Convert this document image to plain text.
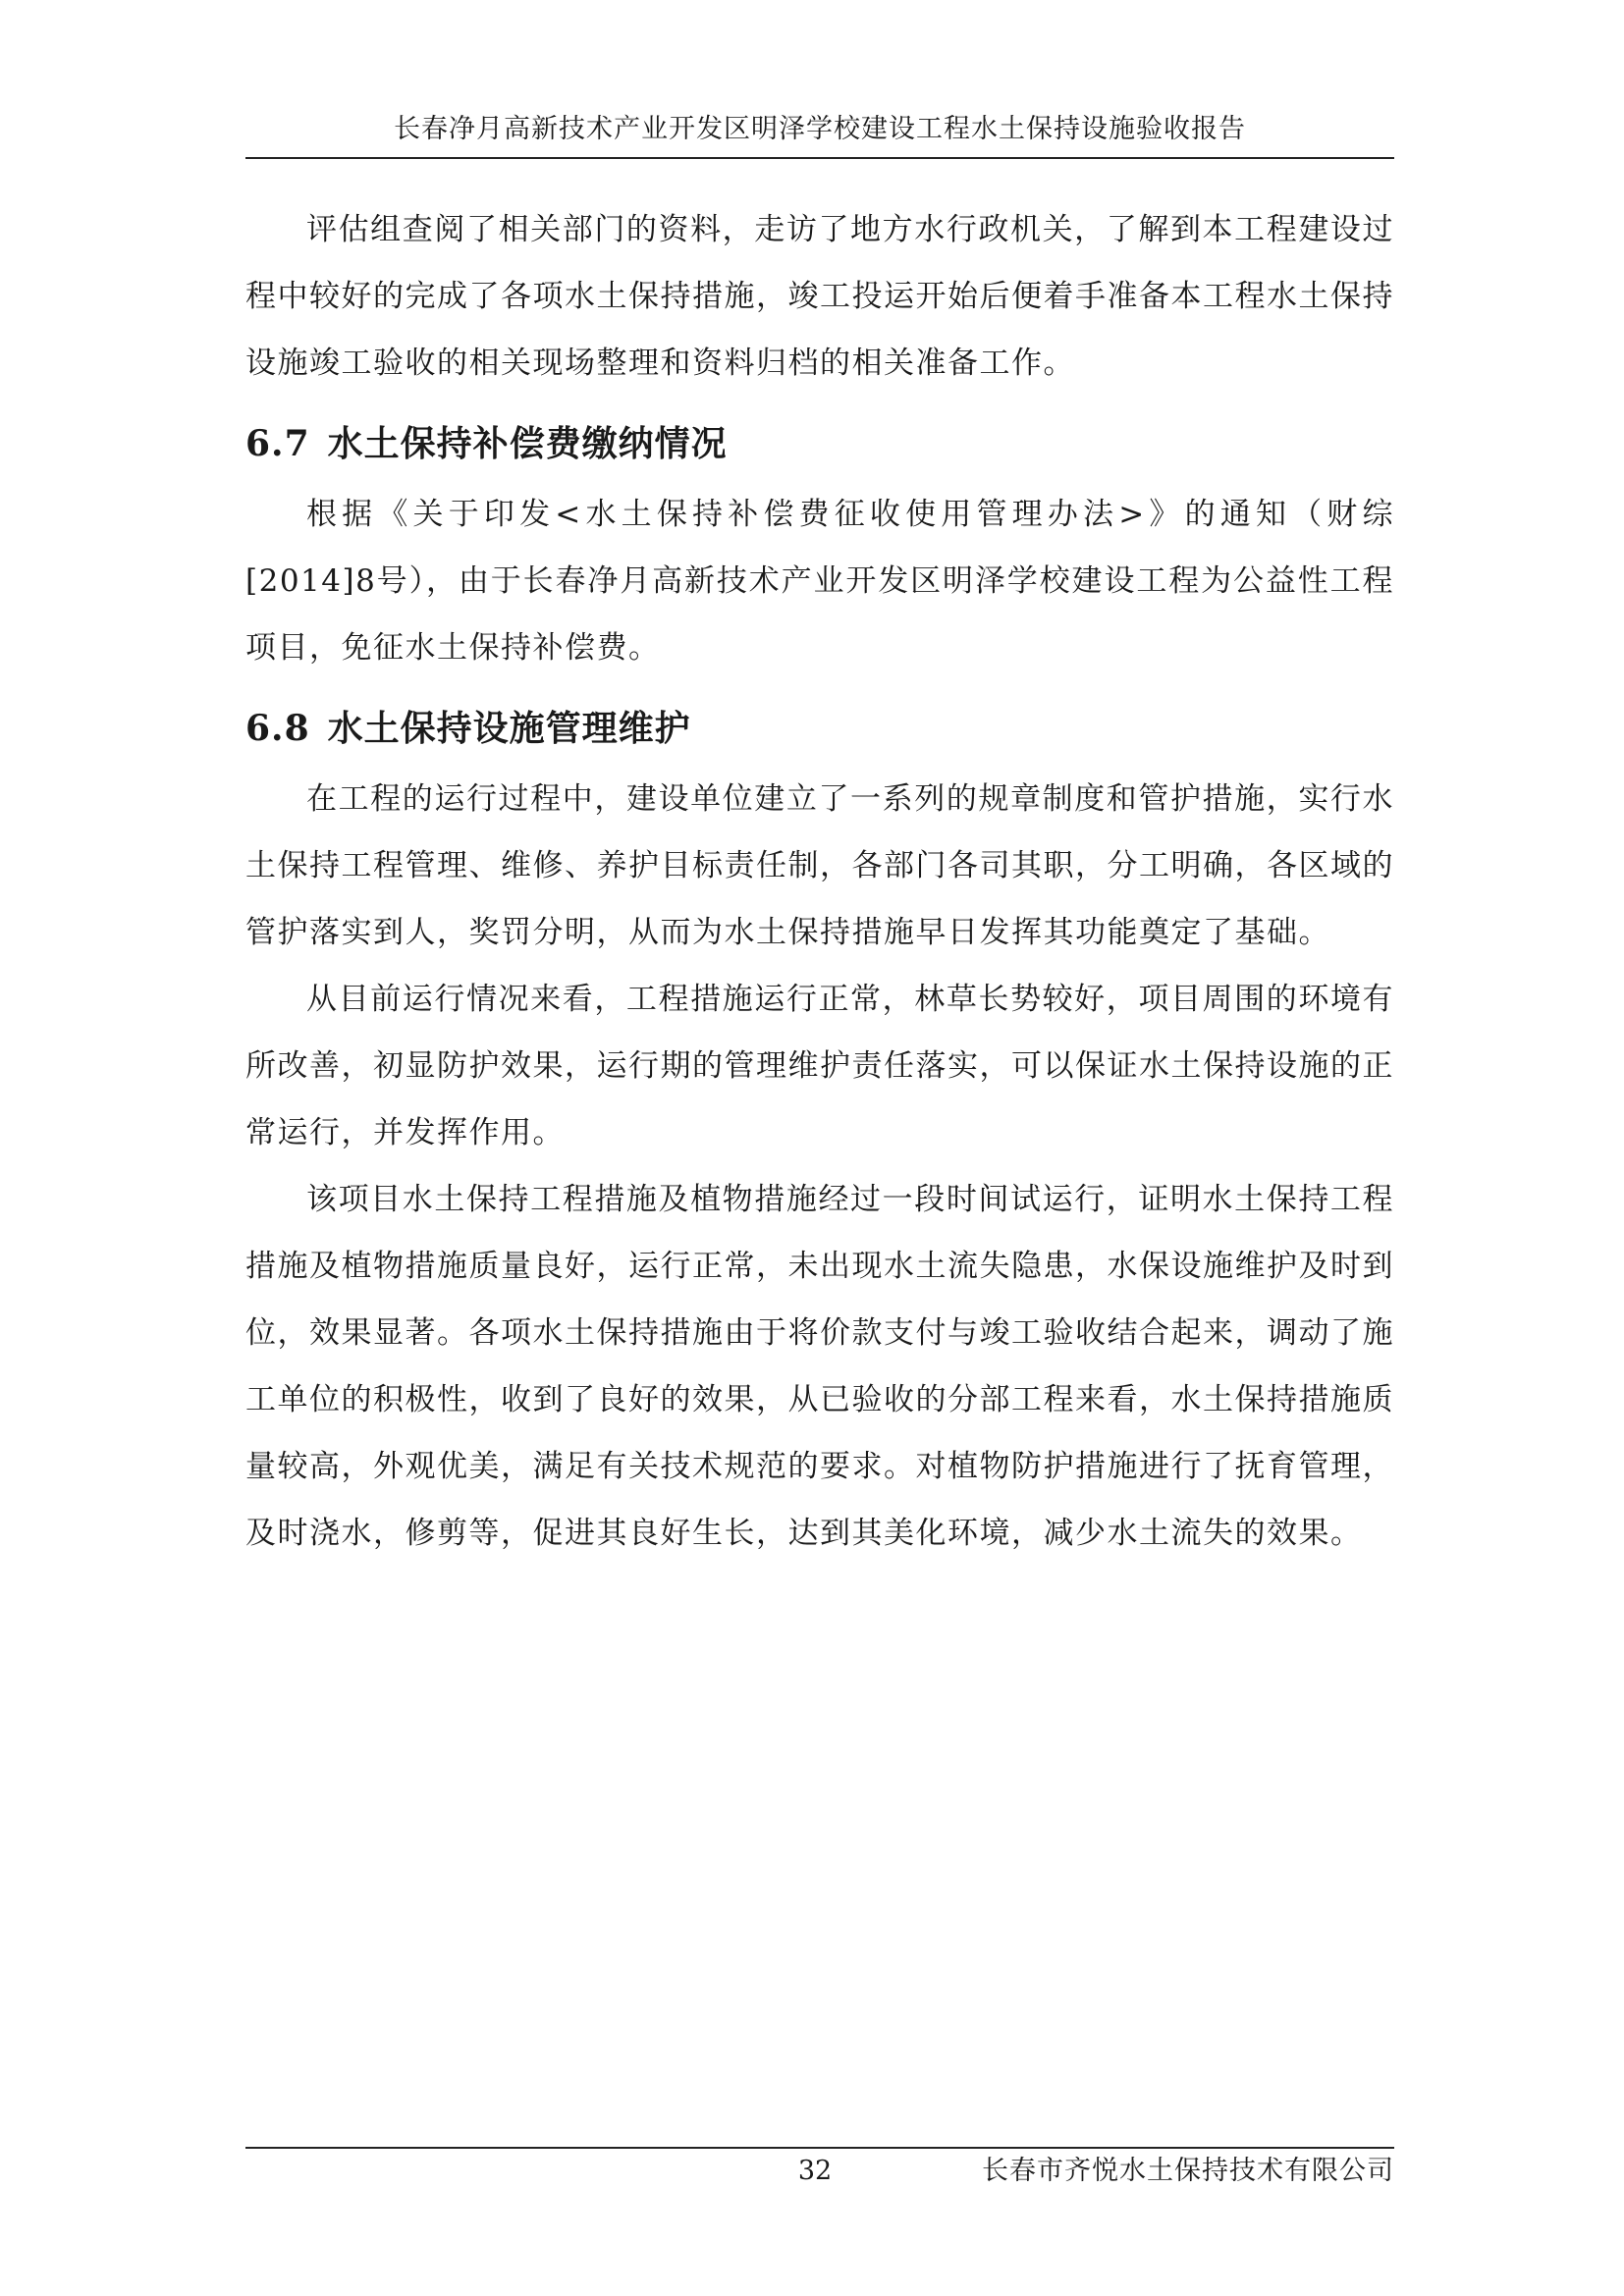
长春净月高新技术产业开发区明泽学校建设工程水土保持设施验收报告

评估组查阅了相关部门的资料，走访了地方水行政机关，了解到本工程建设过程中较好的完成了各项水土保持措施，竣工投运开始后便着手准备本工程水土保持设施竣工验收的相关现场整理和资料归档的相关准备工作。

6.7 水土保持补偿费缴纳情况

根据《关于印发<水土保持补偿费征收使用管理办法>》的通知（财综[2014]8号），由于长春净月高新技术产业开发区明泽学校建设工程为公益性工程项目，免征水土保持补偿费。

6.8 水土保持设施管理维护

在工程的运行过程中，建设单位建立了一系列的规章制度和管护措施，实行水土保持工程管理、维修、养护目标责任制，各部门各司其职，分工明确，各区域的管护落实到人，奖罚分明，从而为水土保持措施早日发挥其功能奠定了基础。

从目前运行情况来看，工程措施运行正常，林草长势较好，项目周围的环境有所改善，初显防护效果，运行期的管理维护责任落实，可以保证水土保持设施的正常运行，并发挥作用。

该项目水土保持工程措施及植物措施经过一段时间试运行，证明水土保持工程措施及植物措施质量良好，运行正常，未出现水土流失隐患，水保设施维护及时到位，效果显著。各项水土保持措施由于将价款支付与竣工验收结合起来，调动了施工单位的积极性，收到了良好的效果，从已验收的分部工程来看，水土保持措施质量较高，外观优美，满足有关技术规范的要求。对植物防护措施进行了抚育管理，及时浇水，修剪等，促进其良好生长，达到其美化环境，减少水土流失的效果。

32	长春市齐悦水土保持技术有限公司
